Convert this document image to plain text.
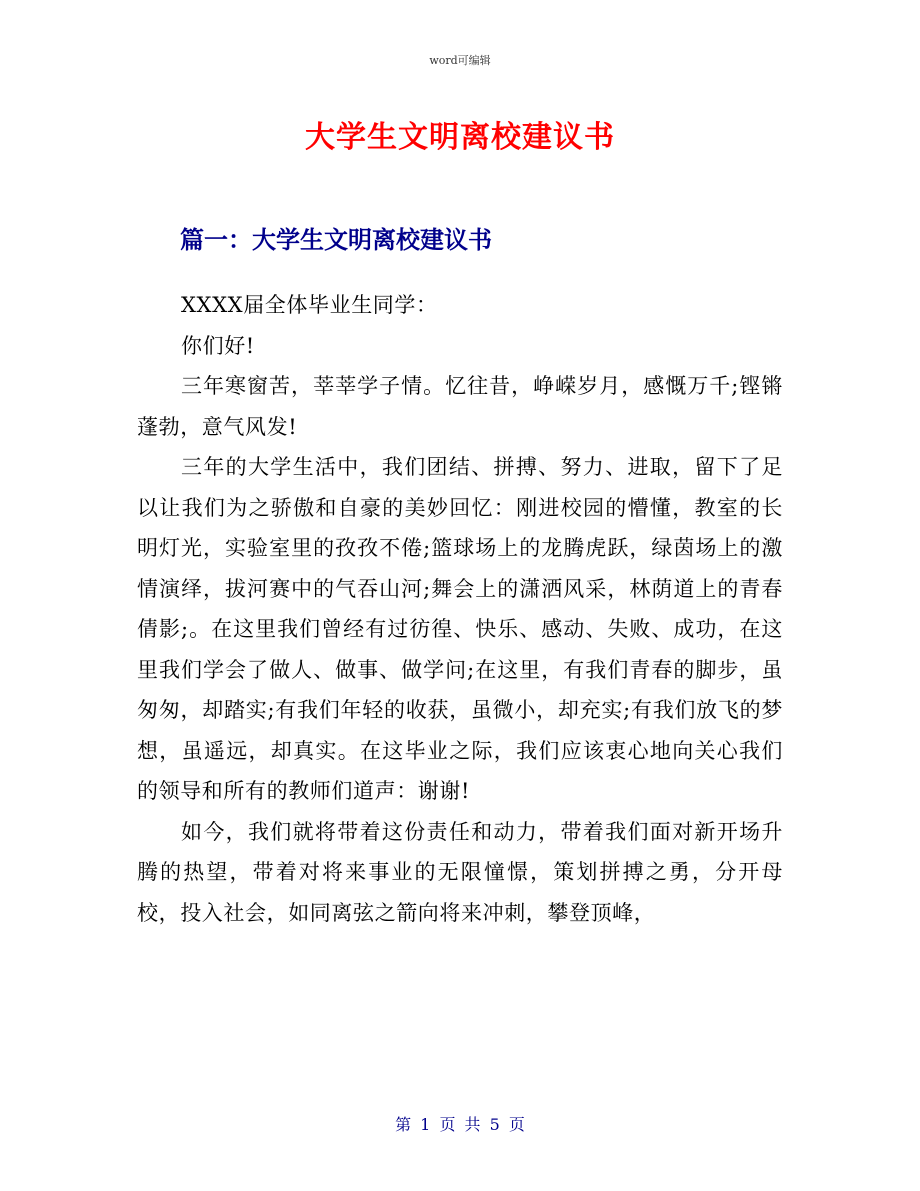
word可编辑
大学生文明离校建议书
篇一：大学生文明离校建议书

XXXX届全体毕业生同学：

你们好!

三年寒窗苦，莘莘学子情。忆往昔，峥嵘岁月，感慨万千;铿锵蓬勃，意气风发!

三年的大学生活中，我们团结、拼搏、努力、进取，留下了足以让我们为之骄傲和自豪的美妙回忆：刚进校园的懵懂，教室的长明灯光，实验室里的孜孜不倦;篮球场上的龙腾虎跃，绿茵场上的激情演绎，拔河赛中的气吞山河;舞会上的潇洒风采，林荫道上的青春倩影;。在这里我们曾经有过彷徨、快乐、感动、失败、成功，在这里我们学会了做人、做事、做学问;在这里，有我们青春的脚步，虽匆匆，却踏实;有我们年轻的收获，虽微小，却充实;有我们放飞的梦想，虽遥远，却真实。在这毕业之际，我们应该衷心地向关心我们的领导和所有的教师们道声：谢谢!

如今，我们就将带着这份责任和动力，带着我们面对新开场升腾的热望，带着对将来事业的无限憧憬，策划拼搏之勇，分开母校，投入社会，如同离弦之箭向将来冲刺，攀登顶峰，

第 1 页 共 5 页
